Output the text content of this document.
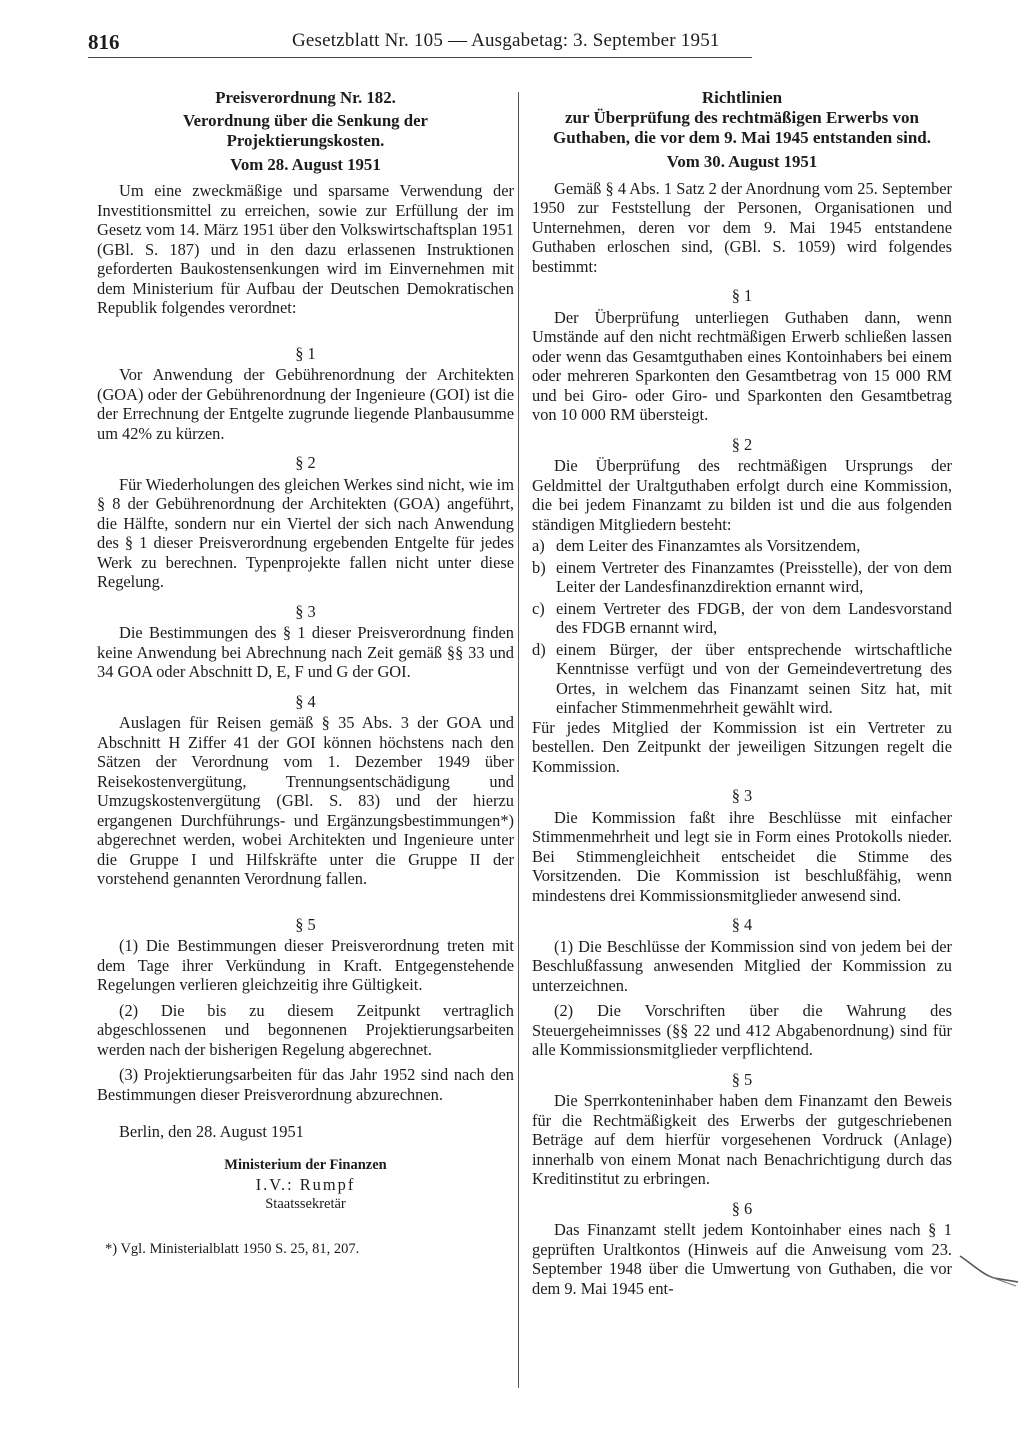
816	Gesetzblatt Nr. 105 — Ausgabetag: 3. September 1951

Preisverordnung Nr. 182.

Verordnung über die Senkung der

Projektierungskosten.

Vom 28. August 1951

Um eine zweckmäßige und sparsame Verwendung der Investitionsmittel zu erreichen, sowie zur Erfüllung der im Gesetz vom 14. März 1951 über den Volkswirtschaftsplan 1951 (GBl. S. 187) und in den dazu erlassenen Instruktionen geforderten Baukostensenkungen wird im Einvernehmen mit dem Ministerium für Aufbau der Deutschen Demokratischen Republik folgendes verordnet:

§ 1

Vor Anwendung der Gebührenordnung der Architekten (GOA) oder der Gebührenordnung der Ingenieure (GOI) ist die der Errechnung der Entgelte zugrunde liegende Planbausumme um 42% zu kürzen.

§ 2

Für Wiederholungen des gleichen Werkes sind nicht, wie im § 8 der Gebührenordnung der Architekten (GOA) angeführt, die Hälfte, sondern nur ein Viertel der sich nach Anwendung des § 1 dieser Preisverordnung ergebenden Entgelte für jedes Werk zu berechnen. Typenprojekte fallen nicht unter diese Regelung.

§ 3

Die Bestimmungen des § 1 dieser Preisverordnung finden keine Anwendung bei Abrechnung nach Zeit gemäß §§ 33 und 34 GOA oder Abschnitt D, E, F und G der GOI.

§ 4

Auslagen für Reisen gemäß § 35 Abs. 3 der GOA und Abschnitt H Ziffer 41 der GOI können höchstens nach den Sätzen der Verordnung vom 1. Dezember 1949 über Reisekostenvergütung, Trennungsentschädigung und Umzugskostenvergütung (GBl. S. 83) und der hierzu ergangenen Durchführungs- und Ergänzungsbestimmungen*) abgerechnet werden, wobei Architekten und Ingenieure unter die Gruppe I und Hilfskräfte unter die Gruppe II der vorstehend genannten Verordnung fallen.

§ 5

(1) Die Bestimmungen dieser Preisverordnung treten mit dem Tage ihrer Verkündung in Kraft. Entgegenstehende Regelungen verlieren gleichzeitig ihre Gültigkeit.

(2) Die bis zu diesem Zeitpunkt vertraglich abgeschlossenen und begonnenen Projektierungsarbeiten werden nach der bisherigen Regelung abgerechnet.

(3) Projektierungsarbeiten für das Jahr 1952 sind nach den Bestimmungen dieser Preisverordnung abzurechnen.

Berlin, den 28. August 1951

Ministerium der Finanzen

I.V.: Rumpf

Staatssekretär

*) Vgl. Ministerialblatt 1950 S. 25, 81, 207.

Richtlinien

zur Überprüfung des rechtmäßigen Erwerbs von

Guthaben, die vor dem 9. Mai 1945 entstanden sind.

Vom 30. August 1951

Gemäß § 4 Abs. 1 Satz 2 der Anordnung vom 25. September 1950 zur Feststellung der Personen, Organisationen und Unternehmen, deren vor dem 9. Mai 1945 entstandene Guthaben erloschen sind, (GBl. S. 1059) wird folgendes bestimmt:

§ 1

Der Überprüfung unterliegen Guthaben dann, wenn Umstände auf den nicht rechtmäßigen Erwerb schließen lassen oder wenn das Gesamtguthaben eines Kontoinhabers bei einem oder mehreren Sparkonten den Gesamtbetrag von 15 000 RM und bei Giro- oder Giro- und Sparkonten den Gesamtbetrag von 10 000 RM übersteigt.

§ 2

Die Überprüfung des rechtmäßigen Ursprungs der Geldmittel der Uraltguthaben erfolgt durch eine Kommission, die bei jedem Finanzamt zu bilden ist und die aus folgenden ständigen Mitgliedern besteht:

a) dem Leiter des Finanzamtes als Vorsitzendem,
b) einem Vertreter des Finanzamtes (Preisstelle), der von dem Leiter der Landesfinanzdirektion ernannt wird,
c) einem Vertreter des FDGB, der von dem Landesvorstand des FDGB ernannt wird,
d) einem Bürger, der über entsprechende wirtschaftliche Kenntnisse verfügt und von der Gemeindevertretung des Ortes, in welchem das Finanzamt seinen Sitz hat, mit einfacher Stimmenmehrheit gewählt wird.

Für jedes Mitglied der Kommission ist ein Vertreter zu bestellen. Den Zeitpunkt der jeweiligen Sitzungen regelt die Kommission.

§ 3

Die Kommission faßt ihre Beschlüsse mit einfacher Stimmenmehrheit und legt sie in Form eines Protokolls nieder. Bei Stimmengleichheit entscheidet die Stimme des Vorsitzenden. Die Kommission ist beschlußfähig, wenn mindestens drei Kommissionsmitglieder anwesend sind.

§ 4

(1) Die Beschlüsse der Kommission sind von jedem bei der Beschlußfassung anwesenden Mitglied der Kommission zu unterzeichnen.

(2) Die Vorschriften über die Wahrung des Steuergeheimnisses (§§ 22 und 412 Abgabenordnung) sind für alle Kommissionsmitglieder verpflichtend.

§ 5

Die Sperrkonteninhaber haben dem Finanzamt den Beweis für die Rechtmäßigkeit des Erwerbs der gutgeschriebenen Beträge auf dem hierfür vorgesehenen Vordruck (Anlage) innerhalb von einem Monat nach Benachrichtigung durch das Kreditinstitut zu erbringen.

§ 6

Das Finanzamt stellt jedem Kontoinhaber eines nach § 1 geprüften Uraltkontos (Hinweis auf die Anweisung vom 23. September 1948 über die Umwertung von Guthaben, die vor dem 9. Mai 1945 ent-
